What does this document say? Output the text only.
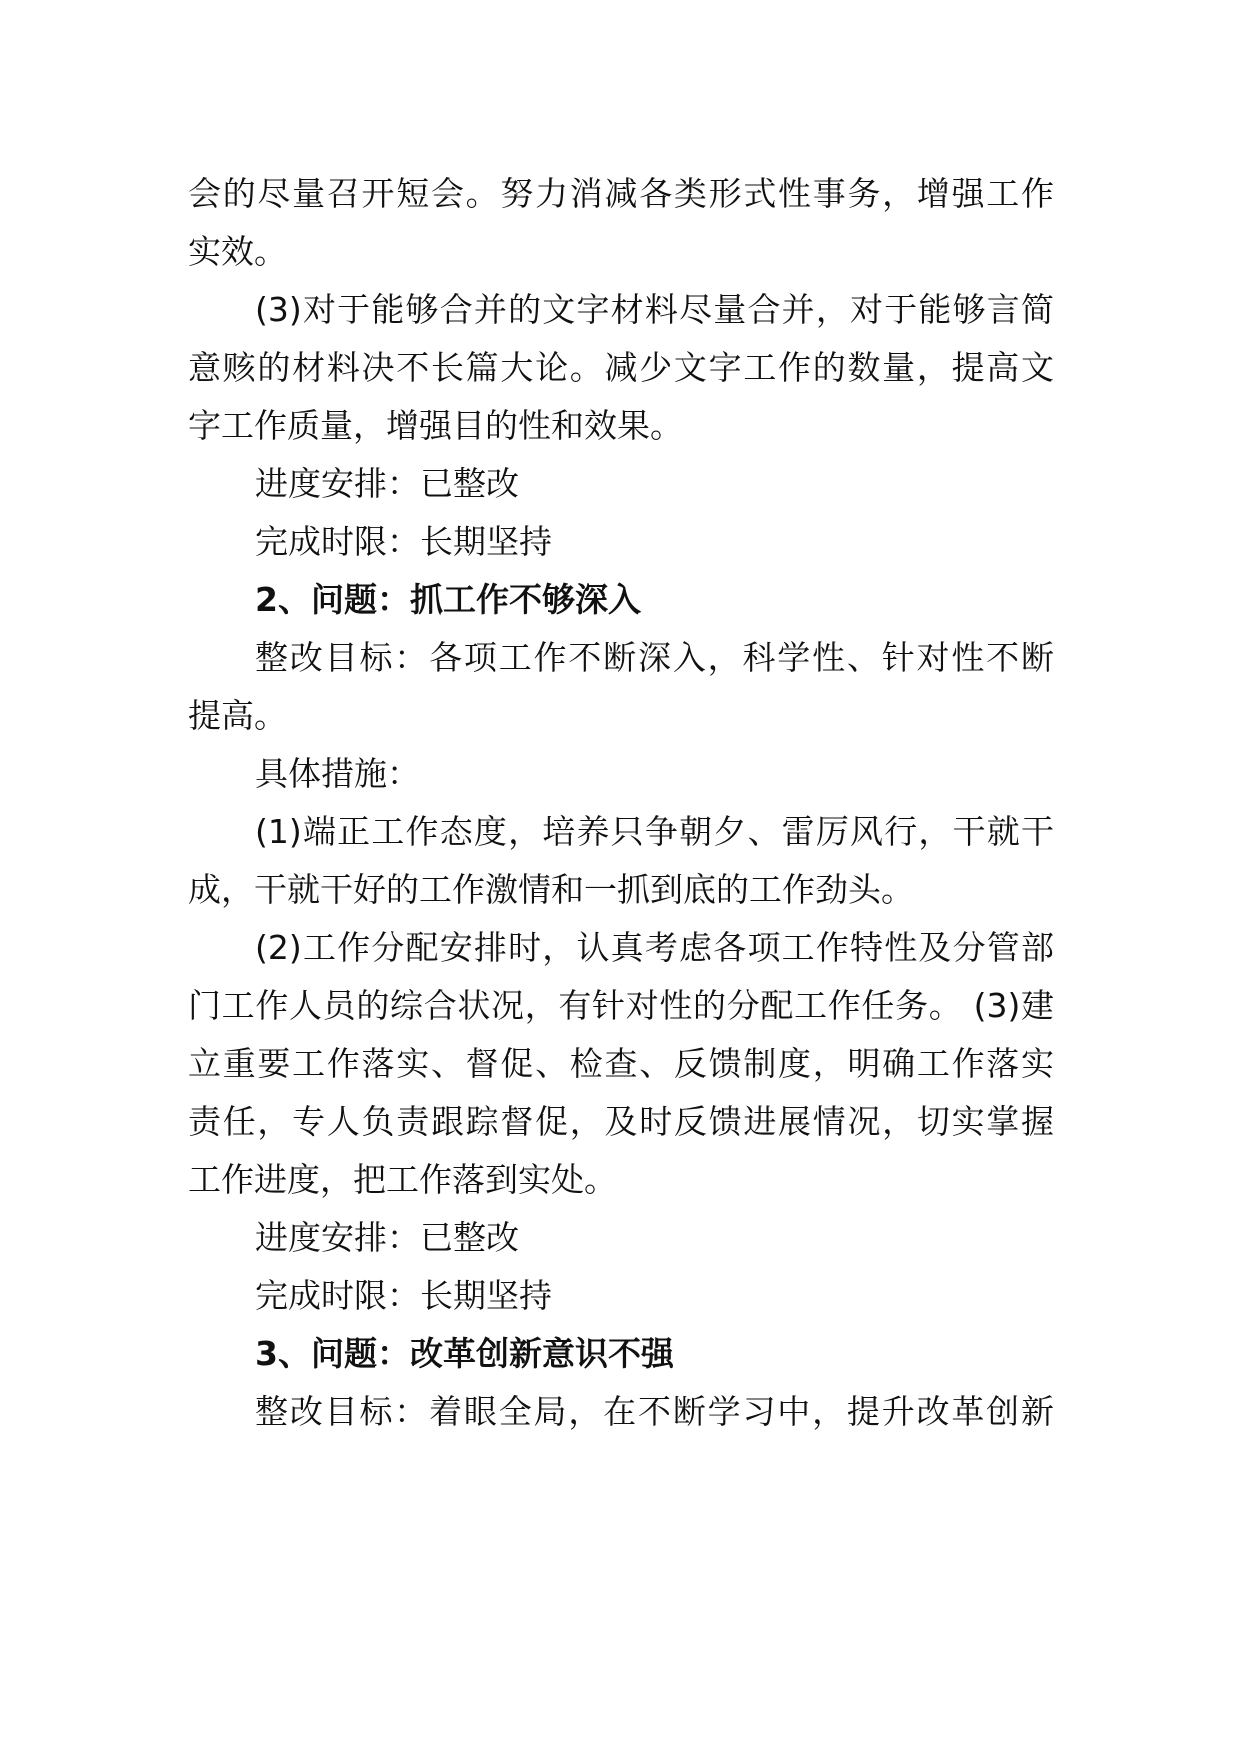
会的尽量召开短会。努力消减各类形式性事务，增强工作
实效。
(3)对于能够合并的文字材料尽量合并，对于能够言简
意赅的材料决不长篇大论。减少文字工作的数量，提高文
字工作质量，增强目的性和效果。
进度安排：已整改
完成时限：长期坚持
2、问题：抓工作不够深入
整改目标：各项工作不断深入，科学性、针对性不断
提高。
具体措施：
(1)端正工作态度，培养只争朝夕、雷厉风行，干就干
成，干就干好的工作激情和一抓到底的工作劲头。
(2)工作分配安排时，认真考虑各项工作特性及分管部
门工作人员的综合状况，有针对性的分配工作任务。 (3)建
立重要工作落实、督促、检查、反馈制度，明确工作落实
责任，专人负责跟踪督促，及时反馈进展情况，切实掌握
工作进度，把工作落到实处。
进度安排：已整改
完成时限：长期坚持
3、问题：改革创新意识不强
整改目标：着眼全局，在不断学习中，提升改革创新
